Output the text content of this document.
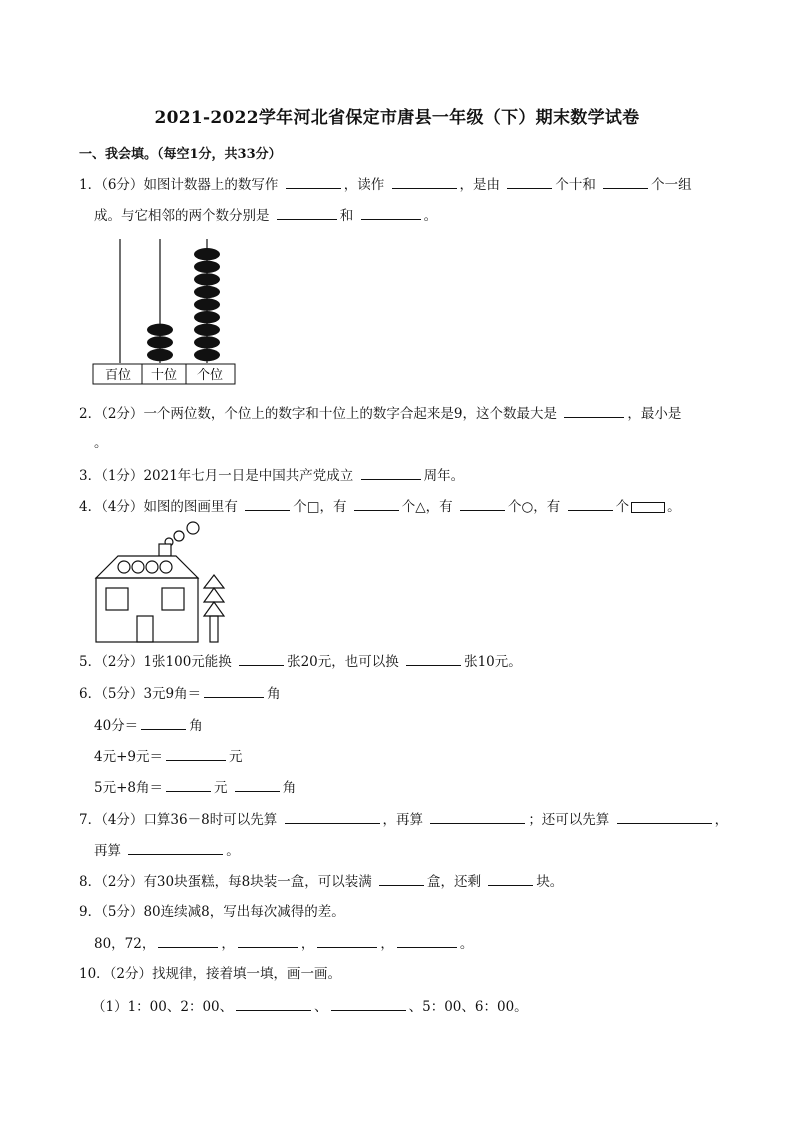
2021-2022学年河北省保定市唐县一年级（下）期末数学试卷
一、我会填。（每空1分，共33分）
1．（6分）如图计数器上的数写作	，读作	，是由	个十和	个一组
成。与它相邻的两个数分别是	和	。
百位 十位 个位
2．（2分）一个两位数，个位上的数字和十位上的数字合起来是9，这个数最大是	，最小是
。
3．（1分）2021年七月一日是中国共产党成立	周年。
4．（4分）如图的图画里有	个□，有	个△，有	个○，有	个	。
5．（2分）1张100元能换	张20元，也可以换	张10元。
6．（5分）3元9角＝	角
40分＝	角
4元+9元＝	元
5元+8角＝	元	角
7．（4分）口算36－8时可以先算	，再算	；还可以先算	，
再算	。
8．（2分）有30块蛋糕，每8块装一盒，可以装满	盒，还剩	块。
9．（5分）80连续减8，写出每次减得的差。
80，72，	，	，	，	。
10．（2分）找规律，接着填一填，画一画。
（1）1：00、2：00、	、	、5：00、6：00。
